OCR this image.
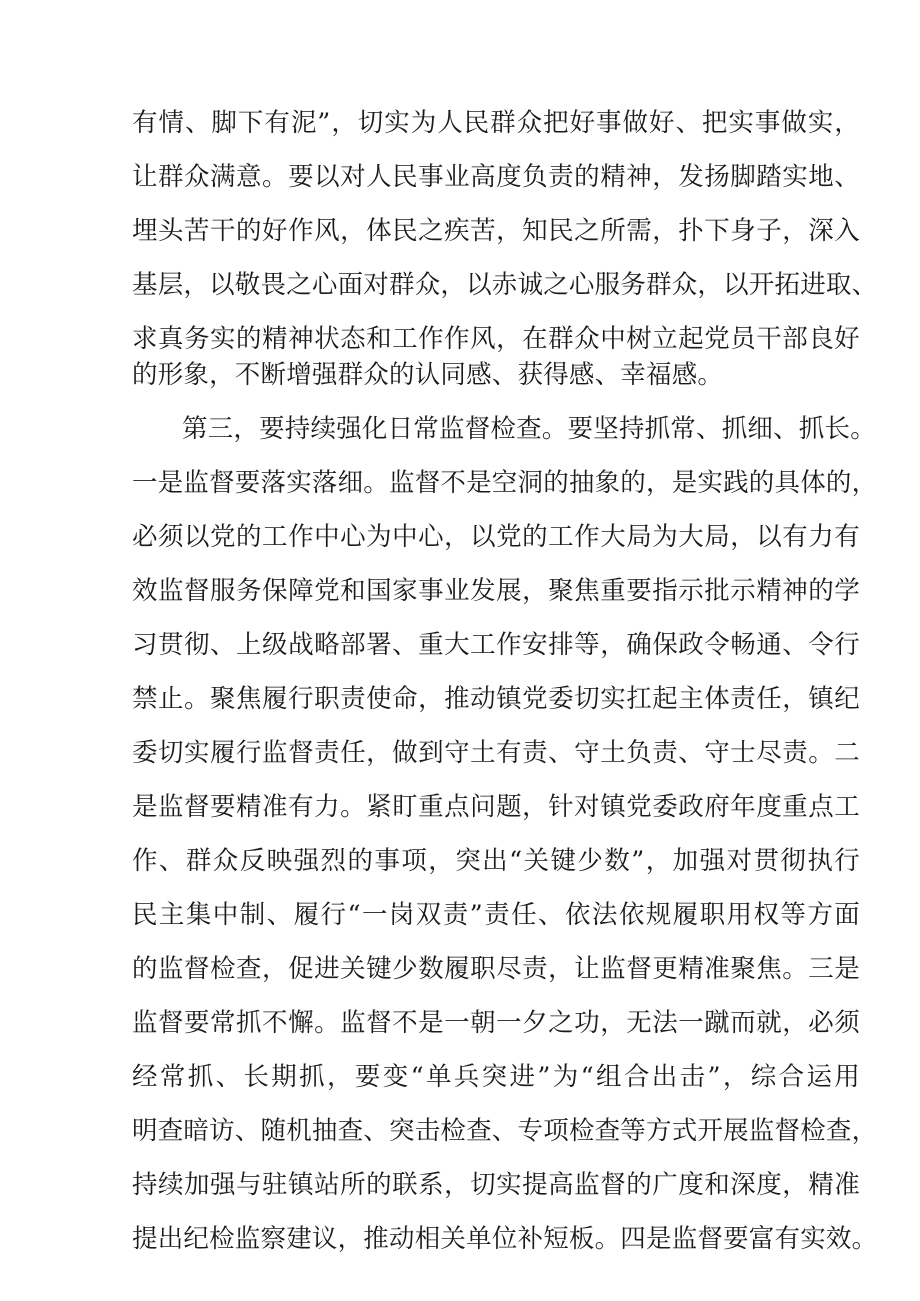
有情、脚下有泥”，切实为人民群众把好事做好、把实事做实，
让群众满意。要以对人民事业高度负责的精神，发扬脚踏实地、
埋头苦干的好作风，体民之疾苦，知民之所需，扑下身子，深入
基层，以敬畏之心面对群众，以赤诚之心服务群众，以开拓进取、
求真务实的精神状态和工作作风，在群众中树立起党员干部良好
的形象，不断增强群众的认同感、获得感、幸福感。
第三，要持续强化日常监督检查。要坚持抓常、抓细、抓长。
一是监督要落实落细。监督不是空洞的抽象的，是实践的具体的，
必须以党的工作中心为中心，以党的工作大局为大局，以有力有
效监督服务保障党和国家事业发展，聚焦重要指示批示精神的学
习贯彻、上级战略部署、重大工作安排等，确保政令畅通、令行
禁止。聚焦履行职责使命，推动镇党委切实扛起主体责任，镇纪
委切实履行监督责任，做到守土有责、守土负责、守士尽责。二
是监督要精准有力。紧盯重点问题，针对镇党委政府年度重点工
作、群众反映强烈的事项，突出“关键少数”，加强对贯彻执行
民主集中制、履行“一岗双责”责任、依法依规履职用权等方面
的监督检查，促进关键少数履职尽责，让监督更精准聚焦。三是
监督要常抓不懈。监督不是一朝一夕之功，无法一蹴而就，必须
经常抓、长期抓，要变“单兵突进”为“组合出击”，综合运用
明查暗访、随机抽查、突击检查、专项检查等方式开展监督检查，
持续加强与驻镇站所的联系，切实提高监督的广度和深度，精准
提出纪检监察建议，推动相关单位补短板。四是监督要富有实效。
